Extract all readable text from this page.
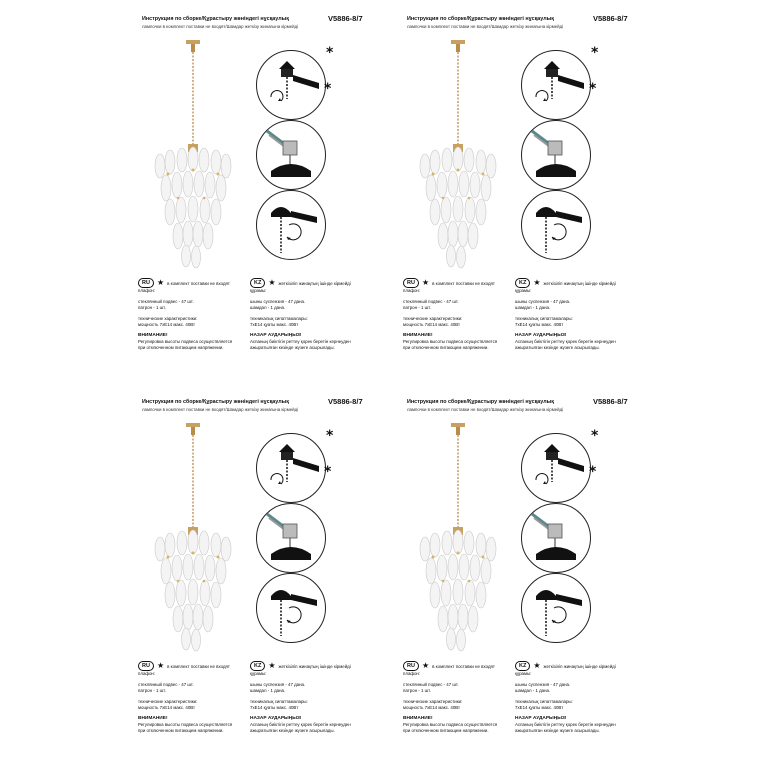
Инструкция по сборке/Құрастыру жөніндегі нұсқаулық	V5886-8/7
лампочки в комплект поставки не входят/Шамдар жеткізу жинағына кірмейді
*
*
RU ★ в комплект поставки не входят
плафон:
стеклянный подвес - 47 шт.
патрон - 1 шт.
технические характеристики:
мощность 7xE14 макс. 40Вт
ВНИМАНИЕ!
Регулировка высоты подвеса осуществляется
при отключенном питающем напряжении.
KZ ★ жеткізіліп жинақтың ішінде кірмейді
құрамы:
шыны суспензия - 47 дана.
шамдал - 1 дана.
техникалық сипаттамалары:
7xE14 қуаты макс. 40Вт
НАЗАР АУДАРЫҢЫЗ!
Аспаның биіктігін реттеу қорек беретін кернеуден
ажыратылған кезінде жүзеге асырылады.
Инструкция по сборке/Құрастыру жөніндегі нұсқаулық	V5886-8/7
лампочки в комплект поставки не входят/Шамдар жеткізу жинағына кірмейді
*
*
RU ★ в комплект поставки не входят
плафон:
стеклянный подвес - 47 шт.
патрон - 1 шт.
технические характеристики:
мощность 7xE14 макс. 40Вт
ВНИМАНИЕ!
Регулировка высоты подвеса осуществляется
при отключенном питающем напряжении.
KZ ★ жеткізіліп жинақтың ішінде кірмейді
құрамы:
шыны суспензия - 47 дана.
шамдал - 1 дана.
техникалық сипаттамалары:
7xE14 қуаты макс. 40Вт
НАЗАР АУДАРЫҢЫЗ!
Аспаның биіктігін реттеу қорек беретін кернеуден
ажыратылған кезінде жүзеге асырылады.
Инструкция по сборке/Құрастыру жөніндегі нұсқаулық	V5886-8/7
лампочки в комплект поставки не входят/Шамдар жеткізу жинағына кірмейді
*
*
RU ★ в комплект поставки не входят
плафон:
стеклянный подвес - 47 шт.
патрон - 1 шт.
технические характеристики:
мощность 7xE14 макс. 40Вт
ВНИМАНИЕ!
Регулировка высоты подвеса осуществляется
при отключенном питающем напряжении.
KZ ★ жеткізіліп жинақтың ішінде кірмейді
құрамы:
шыны суспензия - 47 дана.
шамдал - 1 дана.
техникалық сипаттамалары:
7xE14 қуаты макс. 40Вт
НАЗАР АУДАРЫҢЫЗ!
Аспаның биіктігін реттеу қорек беретін кернеуден
ажыратылған кезінде жүзеге асырылады.
Инструкция по сборке/Құрастыру жөніндегі нұсқаулық	V5886-8/7
лампочки в комплект поставки не входят/Шамдар жеткізу жинағына кірмейді
*
*
RU ★ в комплект поставки не входят
плафон:
стеклянный подвес - 47 шт.
патрон - 1 шт.
технические характеристики:
мощность 7xE14 макс. 40Вт
ВНИМАНИЕ!
Регулировка высоты подвеса осуществляется
при отключенном питающем напряжении.
KZ ★ жеткізіліп жинақтың ішінде кірмейді
құрамы:
шыны суспензия - 47 дана.
шамдал - 1 дана.
техникалық сипаттамалары:
7xE14 қуаты макс. 40Вт
НАЗАР АУДАРЫҢЫЗ!
Аспаның биіктігін реттеу қорек беретін кернеуден
ажыратылған кезінде жүзеге асырылады.
